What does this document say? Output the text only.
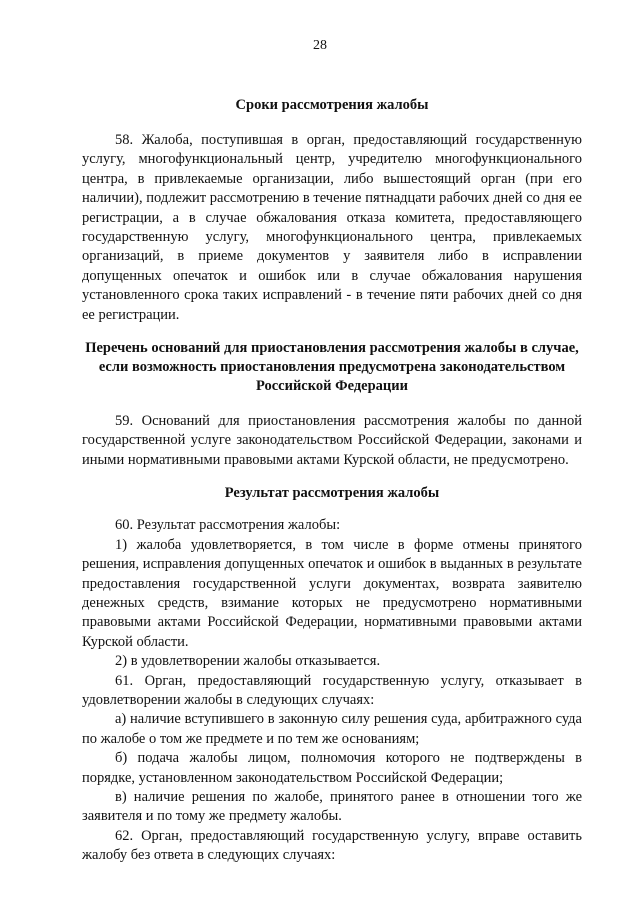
28

Сроки рассмотрения жалобы

58. Жалоба, поступившая в орган, предоставляющий государственную услугу, многофункциональный центр, учредителю многофункционального центра, в привлекаемые организации, либо вышестоящий орган (при его наличии), подлежит рассмотрению в течение пятнадцати рабочих дней со дня ее регистрации, а в случае обжалования отказа комитета, предоставляющего государственную услугу, многофункционального центра, привлекаемых организаций, в приеме документов у заявителя либо в исправлении допущенных опечаток и ошибок или в случае обжалования нарушения установленного срока таких исправлений - в течение пяти рабочих дней со дня ее регистрации.

Перечень оснований для приостановления рассмотрения жалобы в случае, если возможность приостановления предусмотрена законодательством Российской Федерации

59. Оснований для приостановления рассмотрения жалобы по данной государственной услуге законодательством Российской Федерации, законами и иными нормативными правовыми актами Курской области, не предусмотрено.

Результат рассмотрения жалобы

60. Результат рассмотрения жалобы:

1) жалоба удовлетворяется, в том числе в форме отмены принятого решения, исправления допущенных опечаток и ошибок в выданных в результате предоставления государственной услуги документах, возврата заявителю денежных средств, взимание которых не предусмотрено нормативными правовыми актами Российской Федерации, нормативными правовыми актами Курской области.

2) в удовлетворении жалобы отказывается.

61. Орган, предоставляющий государственную услугу, отказывает в удовлетворении жалобы в следующих случаях:

а) наличие вступившего в законную силу решения суда, арбитражного суда по жалобе о том же предмете и по тем же основаниям;

б) подача жалобы лицом, полномочия которого не подтверждены в порядке, установленном законодательством Российской Федерации;

в) наличие решения по жалобе, принятого ранее в отношении того же заявителя и по тому же предмету жалобы.

62. Орган, предоставляющий государственную услугу, вправе оставить жалобу без ответа в следующих случаях:
